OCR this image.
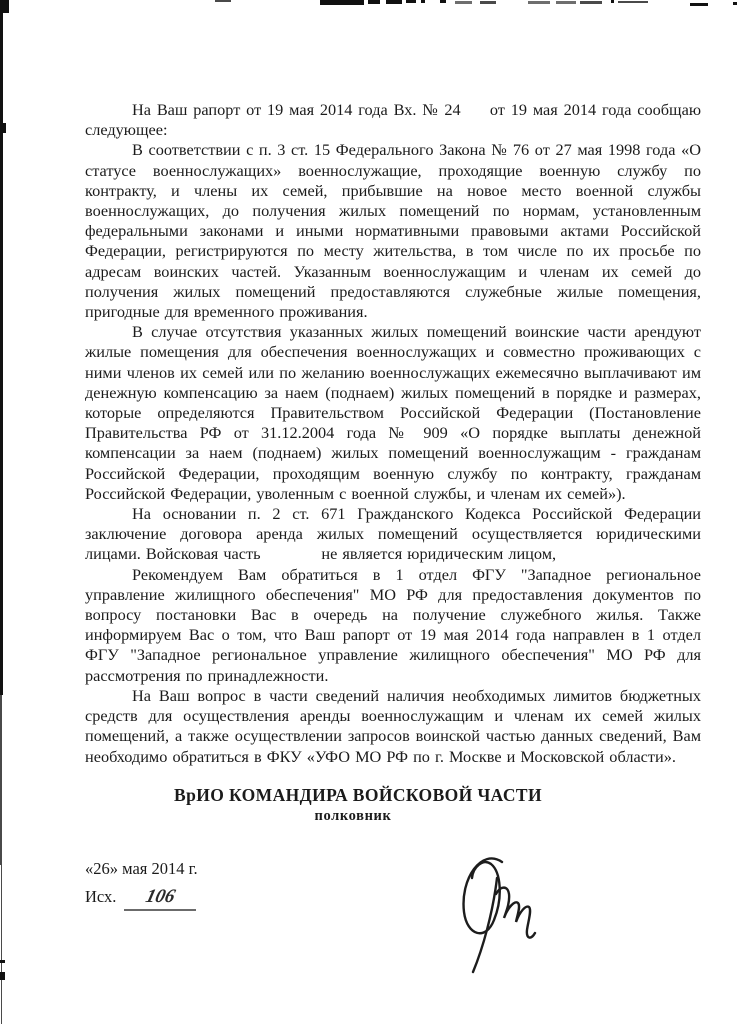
На Ваш рапорт от 19 мая 2014 года Вх. № 24     от 19 мая 2014 года сообщаю следующее:

В соответствии с п. 3 ст. 15 Федерального Закона № 76 от 27 мая 1998 года «О статусе военнослужащих» военнослужащие, проходящие военную службу по контракту, и члены их семей, прибывшие на новое место военной службы военнослужащих, до получения жилых помещений по нормам, установленным федеральными законами и иными нормативными правовыми актами Российской Федерации, регистрируются по месту жительства, в том числе по их просьбе по адресам воинских частей. Указанным военнослужащим и членам их семей до получения жилых помещений предоставляются служебные жилые помещения, пригодные для временного проживания.

В случае отсутствия указанных жилых помещений воинские части арендуют жилые помещения для обеспечения военнослужащих и совместно проживающих с ними членов их семей или по желанию военнослужащих ежемесячно выплачивают им денежную компенсацию за наем (поднаем) жилых помещений в порядке и размерах, которые определяются Правительством Российской Федерации (Постановление Правительства РФ от 31.12.2004 года № 909 «О порядке выплаты денежной компенсации за наем (поднаем) жилых помещений военнослужащим - гражданам Российской Федерации, проходящим военную службу по контракту, гражданам Российской Федерации, уволенным с военной службы, и членам их семей»).

На основании п. 2 ст. 671 Гражданского Кодекса Российской Федерации заключение договора аренда жилых помещений осуществляется юридическими лицами. Войсковая часть            не является юридическим лицом,

Рекомендуем Вам обратиться в 1 отдел ФГУ "Западное региональное управление жилищного обеспечения" МО РФ для предоставления документов по вопросу постановки Вас в очередь на получение служебного жилья. Также информируем Вас о том, что Ваш рапорт от 19 мая 2014 года направлен в 1 отдел ФГУ "Западное региональное управление жилищного обеспечения" МО РФ для рассмотрения по принадлежности.

На Ваш вопрос в части сведений наличия необходимых лимитов бюджетных средств для осуществления аренды военнослужащим и членам их семей жилых помещений, а также осуществлении запросов воинской частью данных сведений, Вам необходимо обратиться в ФКУ «УФО МО РФ по г. Москве и Московской области».

ВрИО КОМАНДИРА ВОЙСКОВОЙ ЧАСТИ
полковник
«26» мая 2014 г.
Исх. 106
